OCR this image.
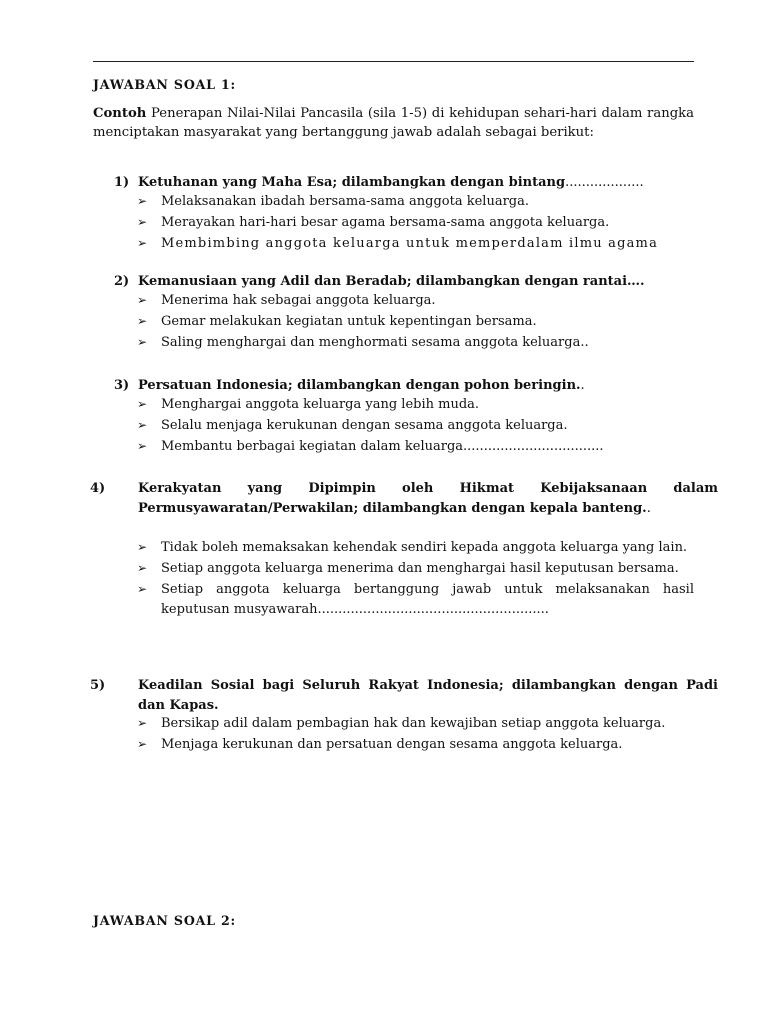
JAWABAN SOAL 1:
Contoh Penerapan Nilai-Nilai Pancasila (sila 1-5) di kehidupan sehari-hari dalam rangka menciptakan masyarakat yang bertanggung jawab adalah sebagai berikut:
1) Ketuhanan yang Maha Esa; dilambangkan dengan bintang...................
➢	Melaksanakan ibadah bersama-sama anggota keluarga.
➢	Merayakan hari-hari besar agama bersama-sama anggota keluarga.
➢	Membimbing anggota keluarga untuk memperdalam ilmu agama
2) Kemanusiaan yang Adil dan Beradab; dilambangkan dengan rantai….
➢	Menerima hak sebagai anggota keluarga.
➢	Gemar melakukan kegiatan untuk kepentingan bersama.
➢	Saling menghargai dan menghormati sesama anggota keluarga..
3) Persatuan Indonesia; dilambangkan dengan pohon beringin..
➢	Menghargai anggota keluarga yang lebih muda.
➢	Selalu menjaga kerukunan dengan sesama anggota keluarga.
➢	Membantu berbagai kegiatan dalam keluarga..................................
4)	Kerakyatan yang Dipimpin oleh Hikmat Kebijaksanaan dalam Permusyawaratan/Perwakilan; dilambangkan dengan kepala banteng..
➢	Tidak boleh memaksakan kehendak sendiri kepada anggota keluarga yang lain.
➢	Setiap anggota keluarga menerima dan menghargai hasil keputusan bersama.
➢	Setiap anggota keluarga bertanggung jawab untuk melaksanakan hasil keputusan musyawarah........................................................
5)	Keadilan Sosial bagi Seluruh Rakyat Indonesia; dilambangkan dengan Padi dan Kapas.
➢	Bersikap adil dalam pembagian hak dan kewajiban setiap anggota keluarga.
➢	Menjaga kerukunan dan persatuan dengan sesama anggota keluarga.
JAWABAN SOAL 2:
